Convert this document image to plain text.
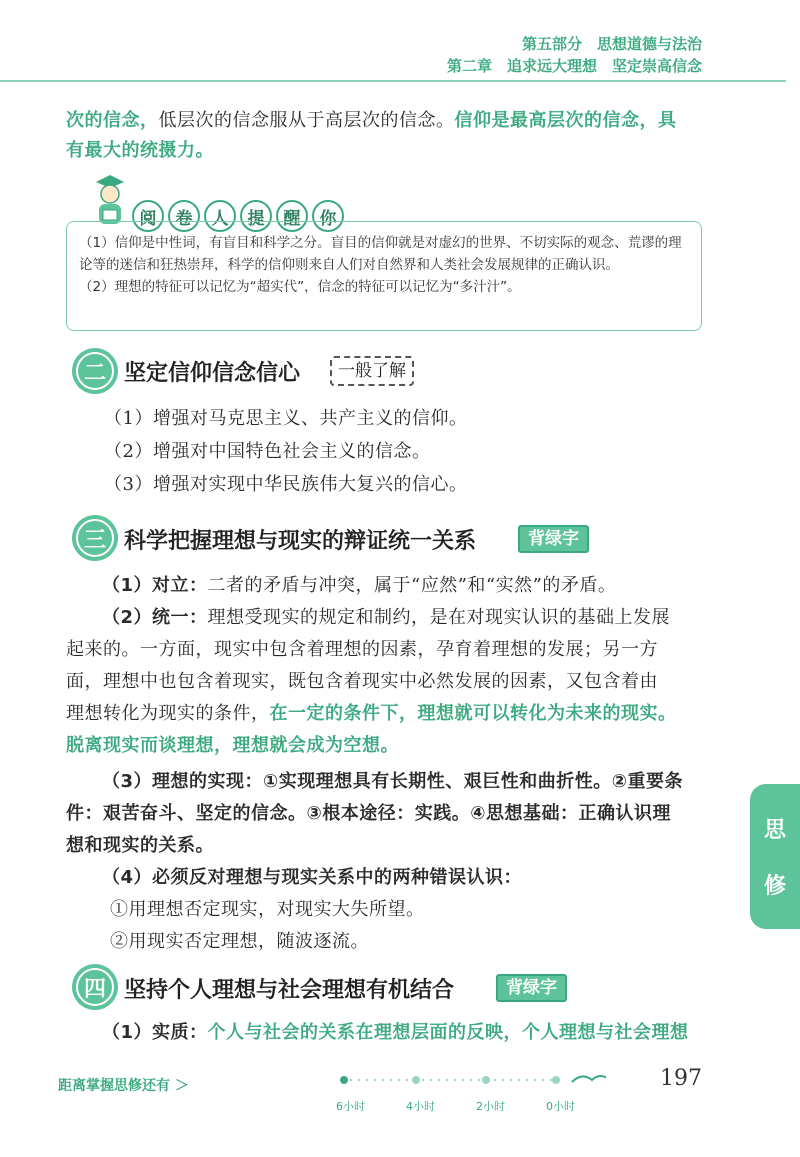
第五部分　思想道德与法治
第二章　追求远大理想　坚定崇高信念
次的信念，低层次的信念服从于高层次的信念。信仰是最高层次的信念，具
有最大的统摄力。
阅	卷	人	提	醒	你
（1）信仰是中性词，有盲目和科学之分。盲目的信仰就是对虚幻的世界、不切实际的观念、荒谬的理论等的迷信和狂热崇拜，科学的信仰则来自人们对自然界和人类社会发展规律的正确认识。
（2）理想的特征可以记忆为“超实代”，信念的特征可以记忆为“多汁汁”。
二 坚定信仰信念信心	一般了解
（1）增强对马克思主义、共产主义的信仰。
（2）增强对中国特色社会主义的信念。
（3）增强对实现中华民族伟大复兴的信心。
三 科学把握理想与现实的辩证统一关系	背绿字
（1）对立：二者的矛盾与冲突，属于“应然”和“实然”的矛盾。
（2）统一：理想受现实的规定和制约，是在对现实认识的基础上发展
起来的。一方面，现实中包含着理想的因素，孕育着理想的发展；另一方
面，理想中也包含着现实，既包含着现实中必然发展的因素，又包含着由
理想转化为现实的条件，在一定的条件下，理想就可以转化为未来的现实。
脱离现实而谈理想，理想就会成为空想。
（3）理想的实现：①实现理想具有长期性、艰巨性和曲折性。②重要条
件：艰苦奋斗、坚定的信念。③根本途径：实践。④思想基础：正确认识理
想和现实的关系。
（4）必须反对理想与现实关系中的两种错误认识：
①用理想否定现实，对现实大失所望。
②用现实否定理想，随波逐流。
四 坚持个人理想与社会理想有机结合	背绿字
（1）实质：个人与社会的关系在理想层面的反映，个人理想与社会理想
思
修
距离掌握思修还有 ＞
6小时	4小时	2小时	0小时
197
